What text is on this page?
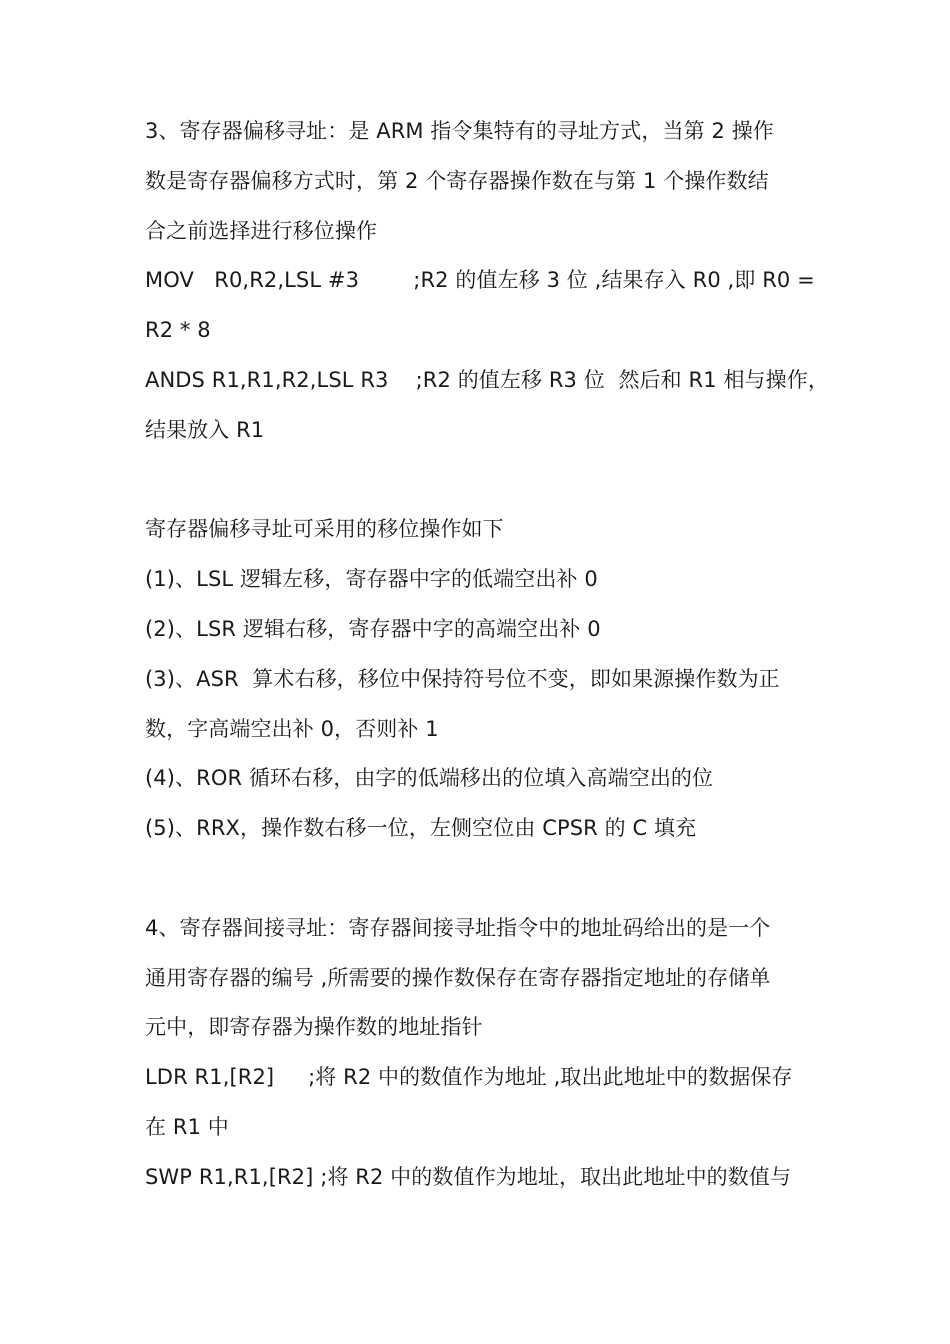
3、寄存器偏移寻址：是 ARM 指令集特有的寻址方式，当第 2 操作
数是寄存器偏移方式时，第 2 个寄存器操作数在与第 1 个操作数结
合之前选择进行移位操作
MOV   R0,R2,LSL #3        ;R2 的值左移 3 位 ,结果存入 R0 ,即 R0 =
R2 * 8
ANDS R1,R1,R2,LSL R3    ;R2 的值左移 R3 位  然后和 R1 相与操作，
结果放入 R1
寄存器偏移寻址可采用的移位操作如下
(1)、LSL 逻辑左移，寄存器中字的低端空出补 0
(2)、LSR 逻辑右移，寄存器中字的高端空出补 0
(3)、ASR  算术右移，移位中保持符号位不变，即如果源操作数为正
数，字高端空出补 0，否则补 1
(4)、ROR 循环右移，由字的低端移出的位填入高端空出的位
(5)、RRX，操作数右移一位，左侧空位由 CPSR 的 C 填充
4、寄存器间接寻址：寄存器间接寻址指令中的地址码给出的是一个
通用寄存器的编号 ,所需要的操作数保存在寄存器指定地址的存储单
元中，即寄存器为操作数的地址指针
LDR R1,[R2]     ;将 R2 中的数值作为地址 ,取出此地址中的数据保存
在 R1 中
SWP R1,R1,[R2] ;将 R2 中的数值作为地址，取出此地址中的数值与
